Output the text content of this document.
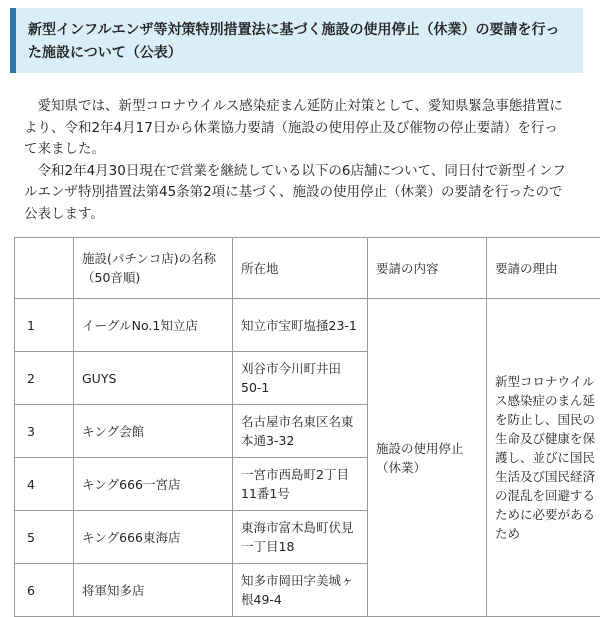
新型インフルエンザ等対策特別措置法に基づく施設の使用停止（休業）の要請を行った施設について（公表）

愛知県では、新型コロナウイルス感染症まん延防止対策として、愛知県緊急事態措置により、令和2年4月17日から休業協力要請（施設の使用停止及び催物の停止要請）を行って来ました。

令和2年4月30日現在で営業を継続している以下の6店舗について、同日付で新型インフルエンザ特別措置法第45条第2項に基づく、施設の使用停止（休業）の要請を行ったので公表します。

	施設(パチンコ店)の名称（50音順)	所在地	要請の内容	要請の理由
1	イーグルNo.1知立店	知立市宝町塩掻23-1	施設の使用停止（休業）	新型コロナウイルス感染症のまん延を防止し、国民の生命及び健康を保護し、並びに国民生活及び国民経済の混乱を回避するために必要があるため
2	GUYS	刈谷市今川町井田50-1		
3	キング会館	名古屋市名東区名東本通3-32		
4	キング666一宮店	一宮市西島町2丁目11番1号		
5	キング666東海店	東海市富木島町伏見一丁目18		
6	将軍知多店	知多市岡田字美城ヶ根49-4		
